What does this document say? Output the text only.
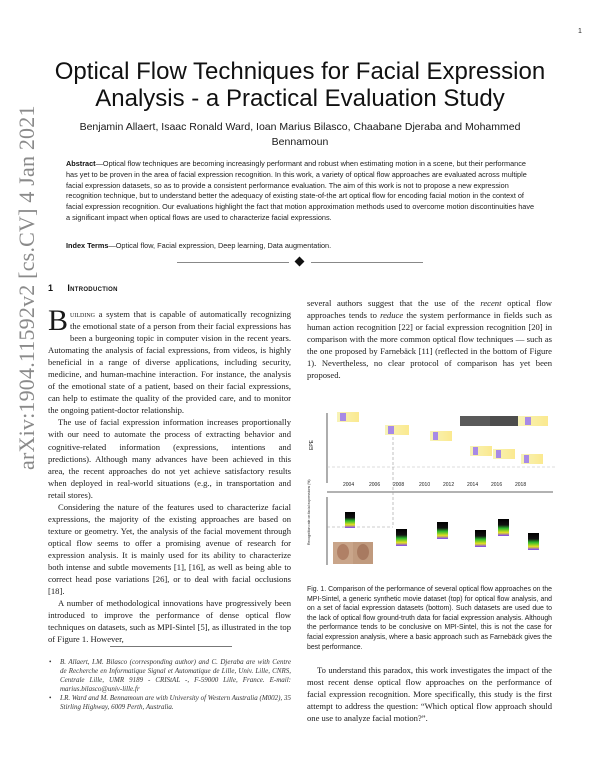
1
arXiv:1904.11592v2 [cs.CV] 4 Jan 2021
Optical Flow Techniques for Facial Expression Analysis - a Practical Evaluation Study
Benjamin Allaert, Isaac Ronald Ward, Ioan Marius Bilasco, Chaabane Djeraba and Mohammed Bennamoun
Abstract—Optical flow techniques are becoming increasingly performant and robust when estimating motion in a scene, but their performance has yet to be proven in the area of facial expression recognition. In this work, a variety of optical flow approaches are evaluated across multiple facial expression datasets, so as to provide a consistent performance evaluation. The aim of this work is not to propose a new expression recognition technique, but to understand better the adequacy of existing state-of-the art optical flow for encoding facial motion in the context of facial expression recognition. Our evaluations highlight the fact that motion approximation methods used to overcome motion discontinuities have a significant impact when optical flows are used to characterize facial expressions.
Index Terms—Optical flow, Facial expression, Deep learning, Data augmentation.
1 Introduction

Building a system that is capable of automatically recognizing the emotional state of a person from their facial expressions has been a burgeoning topic in computer vision in the recent years. Automating the analysis of facial expressions, from videos, is highly beneficial in a range of diverse applications, including security, medicine, and human-machine interaction. For instance, the analysis of the emotional state of a patient, based on their facial expressions, can help to estimate the quality of the provided care, and to monitor the ongoing patient-doctor relationship.

The use of facial expression information increases proportionally with our need to automate the process of extracting behavior and cognitive-related information (expressions, intentions and predictions). Although many advances have been achieved in this area, the recent approaches do not yet achieve satisfactory results when deployed in real-world situations (e.g., in transportation and retail stores).

Considering the nature of the features used to characterize facial expressions, the majority of the existing approaches are based on texture or geometry. Yet, the analysis of the facial movement through optical flow seems to offer a promising avenue of research for expression analysis. It is mainly used for its ability to characterize both intense and subtle movements [1], [16], as well as being able to correct head pose variations [26], or to deal with facial occlusions [18].

A number of methodological innovations have progressively been introduced to improve the performance of dense optical flow techniques on datasets, such as MPI-Sintel [5], as illustrated in the top of Figure 1. However,

• B. Allaert, I.M. Bilasco (corresponding author) and C. Djeraba are with Centre de Recherche en Informatique Signal et Automatique de Lille, Univ. Lille, CNRS, Centrale Lille, UMR 9189 - CRIStAL -, F-59000 Lille, France. E-mail: marius.bilasco@univ-lille.fr
• I.R. Ward and M. Bennamoun are with University of Western Australia (M002), 35 Stirling Highway, 6009 Perth, Australia.

several authors suggest that the use of the recent optical flow approaches tends to reduce the system performance in fields such as human action recognition [22] or facial expression recognition [20] in comparison with the more common optical flow techniques — such as the one proposed by Farnebäck [11] (reflected in the bottom of Figure 1). Nevertheless, no clear protocol of comparison has yet been proposed.

EPE
Recognition rate on facial expressions (%)	2004	2006	2008	2010	2012	2014	2016	2018
Fig. 1. Comparison of the performance of several optical flow approaches on the MPI-Sintel, a generic synthetic movie dataset (top) for optical flow analysis, and on a set of facial expression datasets (bottom). Such datasets are used due to the lack of optical flow ground-truth data for facial expression analysis. Although the performance tends to be conclusive on MPI-Sintel, this is not the case for facial expression analysis, where a basic approach such as Farnebäck gives the best performance.

To understand this paradox, this work investigates the impact of the most recent dense optical flow approaches on the performance of facial expression recognition. More specifically, this study is the first attempt to address the question: “Which optical flow approach should one use to analyze facial motion?”.
